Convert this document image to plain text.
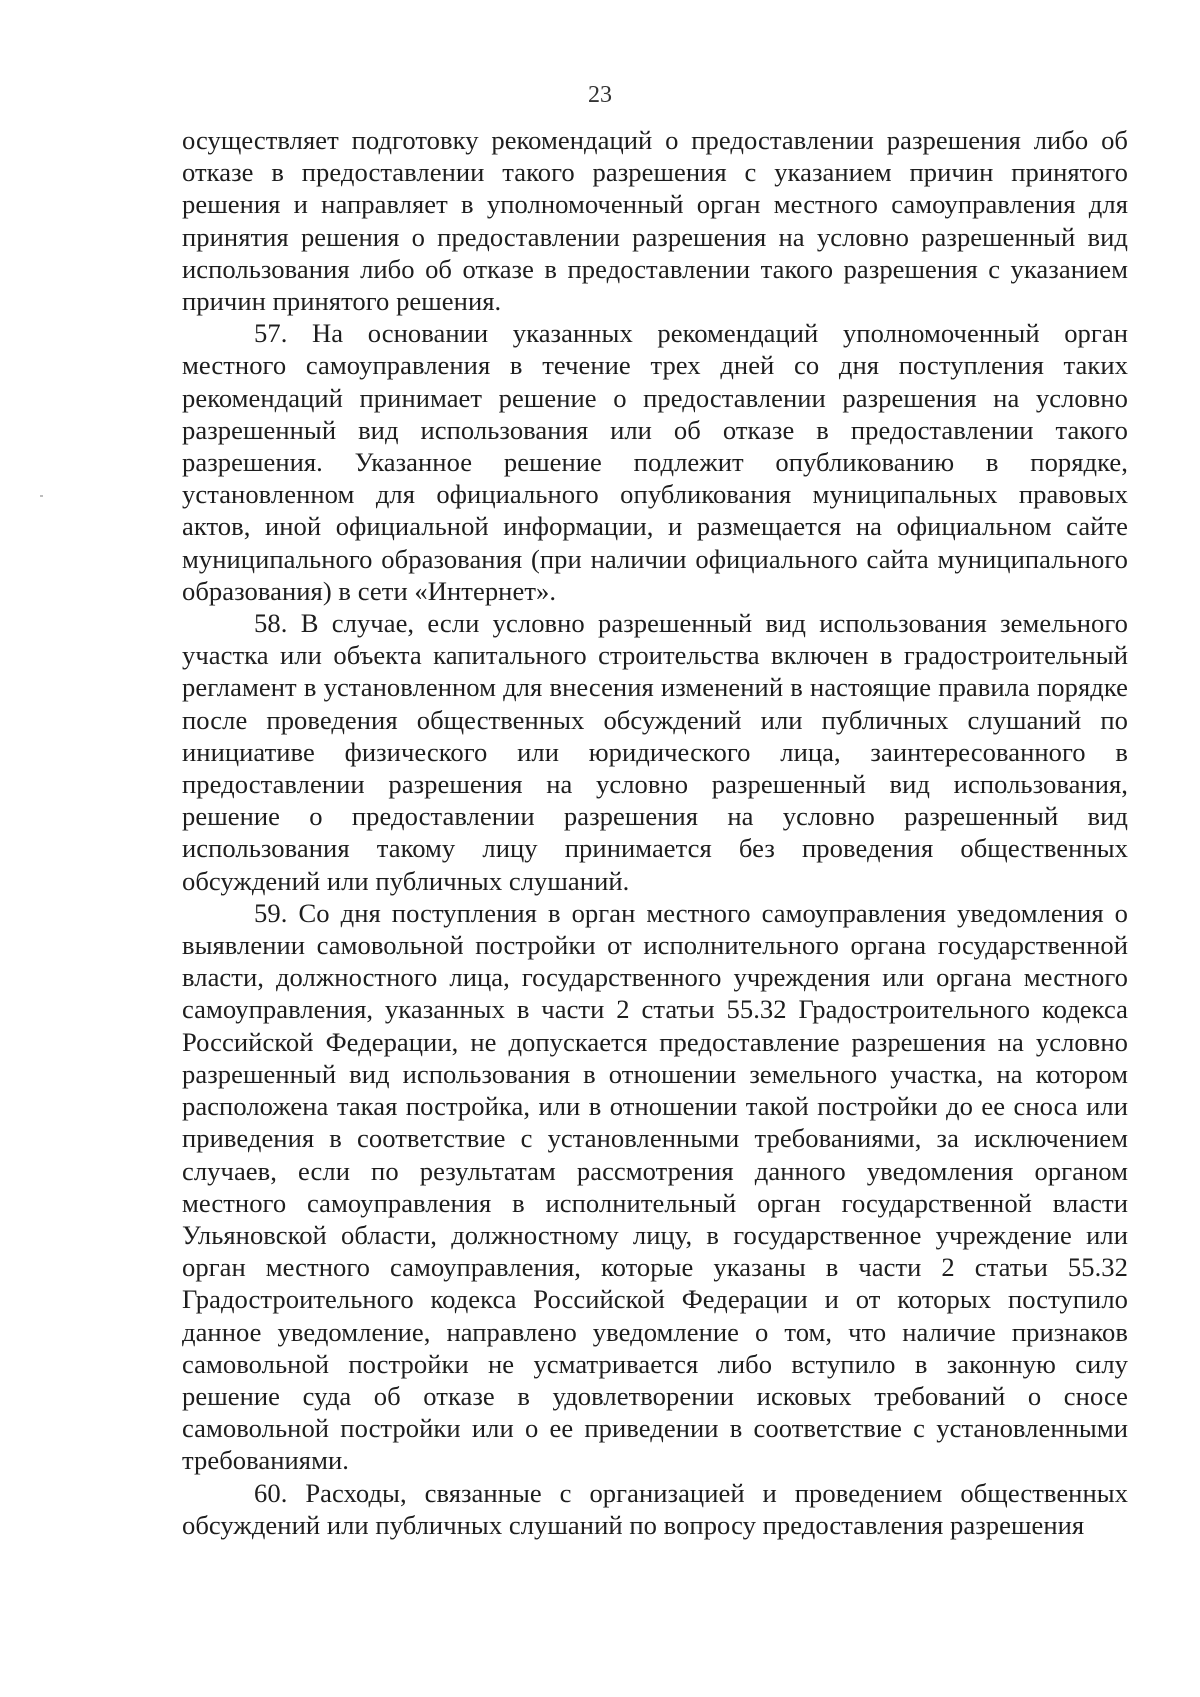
23

осуществляет подготовку рекомендаций о предоставлении разрешения либо об отказе в предоставлении такого разрешения с указанием причин принятого решения и направляет в уполномоченный орган местного самоуправления для принятия решения о предоставлении разрешения на условно разрешенный вид использования либо об отказе в предоставлении такого разрешения с указанием причин принятого решения.

57. На основании указанных рекомендаций уполномоченный орган местного самоуправления в течение трех дней со дня поступления таких рекомендаций принимает решение о предоставлении разрешения на условно разрешенный вид использования или об отказе в предоставлении такого разрешения. Указанное решение подлежит опубликованию в порядке, установленном для официального опубликования муниципальных правовых актов, иной официальной информации, и размещается на официальном сайте муниципального образования (при наличии официального сайта муниципального образования) в сети «Интернет».

58. В случае, если условно разрешенный вид использования земельного участка или объекта капитального строительства включен в градостроительный регламент в установленном для внесения изменений в настоящие правила порядке после проведения общественных обсуждений или публичных слушаний по инициативе физического или юридического лица, заинтересованного в предоставлении разрешения на условно разрешенный вид использования, решение о предоставлении разрешения на условно разрешенный вид использования такому лицу принимается без проведения общественных обсуждений или публичных слушаний.

59. Со дня поступления в орган местного самоуправления уведомления о выявлении самовольной постройки от исполнительного органа государственной власти, должностного лица, государственного учреждения или органа местного самоуправления, указанных в части 2 статьи 55.32 Градостроительного кодекса Российской Федерации, не допускается предоставление разрешения на условно разрешенный вид использования в отношении земельного участка, на котором расположена такая постройка, или в отношении такой постройки до ее сноса или приведения в соответствие с установленными требованиями, за исключением случаев, если по результатам рассмотрения данного уведомления органом местного самоуправления в исполнительный орган государственной власти Ульяновской области, должностному лицу, в государственное учреждение или орган местного самоуправления, которые указаны в части 2 статьи 55.32 Градостроительного кодекса Российской Федерации и от которых поступило данное уведомление, направлено уведомление о том, что наличие признаков самовольной постройки не усматривается либо вступило в законную силу решение суда об отказе в удовлетворении исковых требований о сносе самовольной постройки или о ее приведении в соответствие с установленными требованиями.

60. Расходы, связанные с организацией и проведением общественных обсуждений или публичных слушаний по вопросу предоставления разрешения
